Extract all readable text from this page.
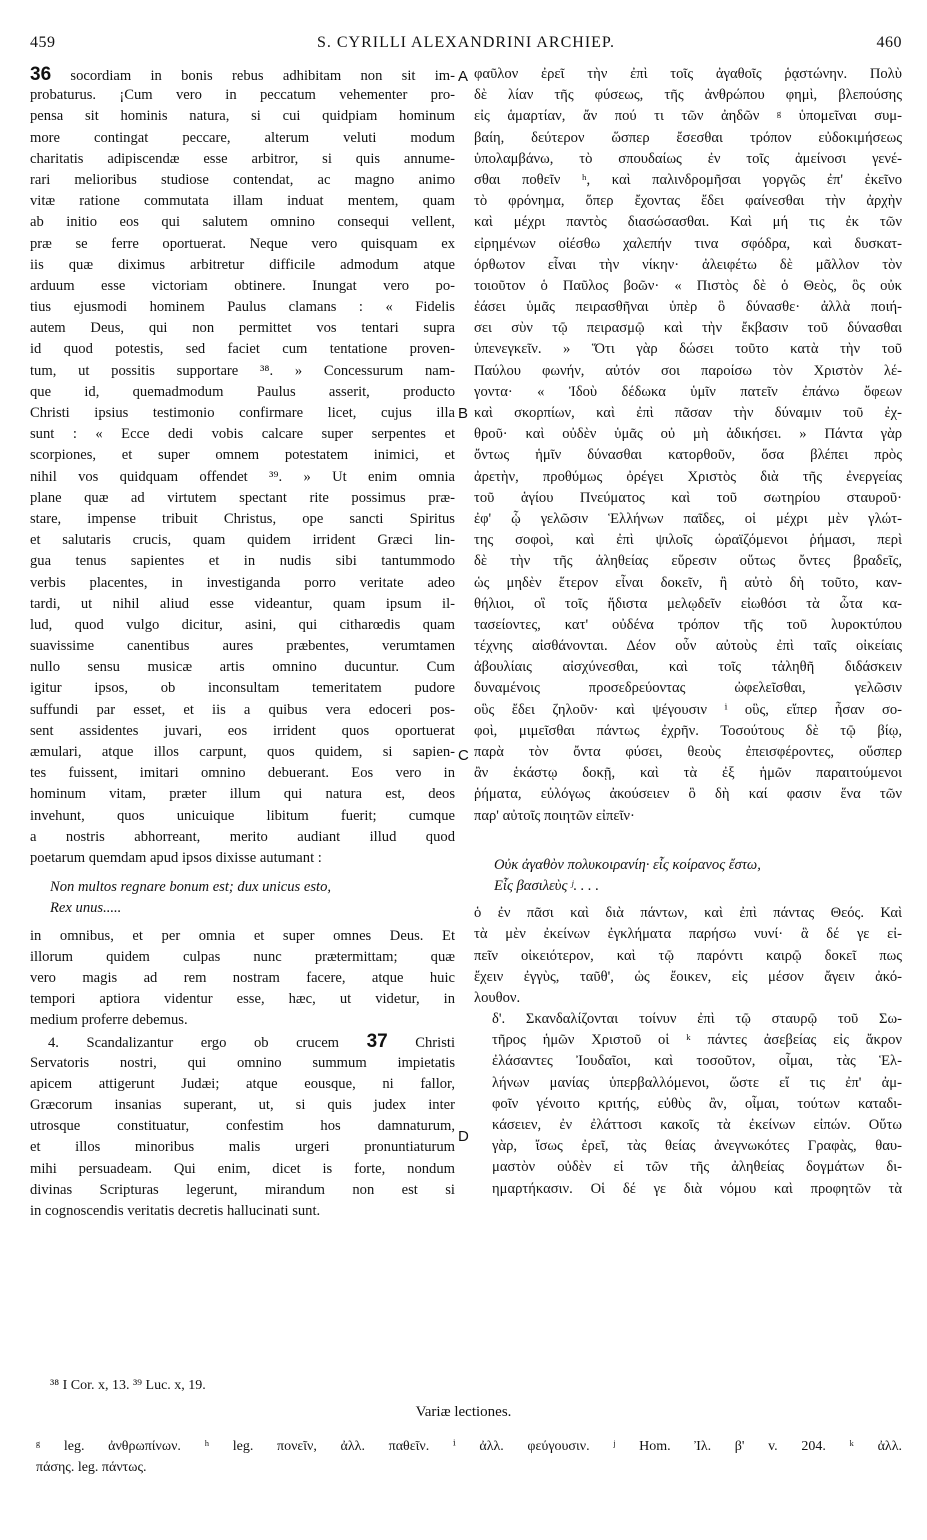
459	S. CYRILLI ALEXANDRINI ARCHIEP.	460
36 socordiam in bonis rebus adhibitam non sit im-
probaturus. ¡Cum vero in peccatum vehementer pro-
pensa sit hominis natura, si cui quidpiam hominum
more contingat peccare, alterum veluti modum
charitatis adipiscendæ esse arbitror, si quis annume-
rari melioribus studiose contendat, ac magno animo
vitæ ratione commutata illam induat mentem, quam
ab initio eos qui salutem omnino consequi vellent,
præ se ferre oportuerat. Neque vero quisquam ex
iis quæ diximus arbitretur difficile admodum atque
arduum esse victoriam obtinere. Inungat vero po-
tius ejusmodi hominem Paulus clamans : « Fidelis
autem Deus, qui non permittet vos tentari supra
id quod potestis, sed faciet cum tentatione proven-
tum, ut possitis supportare ³⁸. » Concessurum nam-
que id, quemadmodum Paulus asserit, producto
Christi ipsius testimonio confirmare licet, cujus illa
sunt : « Ecce dedi vobis calcare super serpentes et
scorpiones, et super omnem potestatem inimici, et
nihil vos quidquam offendet ³⁹. » Ut enim omnia
plane quæ ad virtutem spectant rite possimus præ-
stare, impense tribuit Christus, ope sancti Spiritus
et salutaris crucis, quam quidem irrident Græci lin-
gua tenus sapientes et in nudis sibi tantummodo
verbis placentes, in investiganda porro veritate adeo
tardi, ut nihil aliud esse videantur, quam ipsum il-
lud, quod vulgo dicitur, asini, qui citharœdis quam
suavissime canentibus aures præbentes, verumtamen
nullo sensu musicæ artis omnino ducuntur. Cum
igitur ipsos, ob inconsultam temeritatem pudore
suffundi par esset, et iis a quibus vera edoceri pos-
sent assidentes juvari, eos irrident quos oportuerat
æmulari, atque illos carpunt, quos quidem, si sapien-
tes fuissent, imitari omnino debuerant. Eos vero in
hominum vitam, præter illum qui natura est, deos
invehunt, quos unicuique libitum fuerit; cumque
a nostris abhorreant, merito audiant illud quod
poetarum quemdam apud ipsos dixisse autumant :
Non multos regnare bonum est; dux unicus esto,
Rex unus.....
in omnibus, et per omnia et super omnes Deus. Et
illorum quidem culpas nunc prætermittam; quæ
vero magis ad rem nostram facere, atque huic
tempori aptiora videntur esse, hæc, ut videtur, in
medium proferre debemus.
4. Scandalizantur ergo ob crucem 37 Christi
Servatoris nostri, qui omnino summum impietatis
apicem attigerunt Judæi; atque eousque, ni fallor,
Græcorum insanias superant, ut, si quis judex inter
utrosque constituatur, confestim hos damnaturum,
et illos minoribus malis urgeri pronuntiaturum
mihi persuadeam. Qui enim, dicet is forte, nondum
divinas Scripturas legerunt, mirandum non est si
in cognoscendis veritatis decretis hallucinati sunt.
A
B
C
D
φαῦλον ἐρεῖ τὴν ἐπὶ τοῖς ἀγαθοῖς ῥᾳστώνην. Πολὺ
δὲ λίαν τῆς φύσεως, τῆς ἀνθρώπου φημὶ, βλεπούσης
εἰς ἁμαρτίαν, ἄν πού τι τῶν ἀηδῶν ᵍ ὑπομεῖναι συμ-
βαίη, δεύτερον ὥσπερ ἔσεσθαι τρόπον εὐδοκιμήσεως
ὑπολαμβάνω, τὸ σπουδαίως ἐν τοῖς ἀμείνοσι γενέ-
σθαι ποθεῖν ʰ, καὶ παλινδρομῆσαι γοργῶς ἐπ' ἐκεῖνο
τὸ φρόνημα, ὅπερ ἔχοντας ἔδει φαίνεσθαι τὴν ἀρχὴν
καὶ μέχρι παντὸς διασώσασθαι. Καὶ μή τις ἐκ τῶν
εἰρημένων οἰέσθω χαλεπήν τινα σφόδρα, καὶ δυσκατ-
όρθωτον εἶναι τὴν νίκην· ἀλειφέτω δὲ μᾶλλον τὸν
τοιοῦτον ὁ Παῦλος βοῶν· « Πιστὸς δὲ ὁ Θεὸς, ὃς οὐκ
ἐάσει ὑμᾶς πειρασθῆναι ὑπὲρ ὃ δύνασθε· ἀλλὰ ποιή-
σει σὺν τῷ πειρασμῷ καὶ τὴν ἔκβασιν τοῦ δύνασθαι
ὑπενεγκεῖν. » Ὅτι γὰρ δώσει τοῦτο κατὰ τὴν τοῦ
Παύλου φωνήν, αὐτόν σοι παροίσω τὸν Χριστὸν λέ-
γοντα· « Ἰδοὺ δέδωκα ὑμῖν πατεῖν ἐπάνω ὄφεων
καὶ σκορπίων, καὶ ἐπὶ πᾶσαν τὴν δύναμιν τοῦ ἐχ-
θροῦ· καὶ οὐδὲν ὑμᾶς οὐ μὴ ἀδικήσει. » Πάντα γὰρ
ὄντως ἡμῖν δύνασθαι κατορθοῦν, ὅσα βλέπει πρὸς
ἀρετὴν, προθύμως ὀρέγει Χριστὸς διὰ τῆς ἐνεργείας
τοῦ ἁγίου Πνεύματος καὶ τοῦ σωτηρίου σταυροῦ·
ἐφ' ᾧ γελῶσιν Ἑλλήνων παῖδες, οἱ μέχρι μὲν γλώτ-
της σοφοὶ, καὶ ἐπὶ ψιλοῖς ὡραϊζόμενοι ῥήμασι, περὶ
δὲ τὴν τῆς ἀληθείας εὕρεσιν οὕτως ὄντες βραδεῖς,
ὡς μηδὲν ἕτερον εἶναι δοκεῖν, ἢ αὐτὸ δὴ τοῦτο, καν-
θήλιοι, οἳ τοῖς ἥδιστα μελῳδεῖν εἰωθόσι τὰ ὦτα κα-
τασείοντες, κατ' οὐδένα τρόπον τῆς τοῦ λυροκτύπου
τέχνης αἰσθάνονται. Δέον οὖν αὐτοὺς ἐπὶ ταῖς οἰκείαις
ἀβουλίαις αἰσχύνεσθαι, καὶ τοῖς τἀληθῆ διδάσκειν
δυναμένοις προσεδρεύοντας ὠφελεῖσθαι, γελῶσιν
οὓς ἔδει ζηλοῦν· καὶ ψέγουσιν ⁱ οὓς, εἴπερ ἦσαν σο-
φοὶ, μιμεῖσθαι πάντως ἐχρῆν. Τοσούτους δὲ τῷ βίῳ,
παρὰ τὸν ὄντα φύσει, θεοὺς ἐπεισφέροντες, οὕσπερ
ἂν ἑκάστῳ δοκῇ, καὶ τὰ ἐξ ἡμῶν παραιτούμενοι
ῥήματα, εὐλόγως ἀκούσειεν ὃ δὴ καί φασιν ἕνα τῶν
παρ' αὐτοῖς ποιητῶν εἰπεῖν·
Οὐκ ἀγαθὸν πολυκοιρανίη· εἷς κοίρανος ἔστω,
Εἷς βασιλεὺς ʲ. . . .
ὁ ἐν πᾶσι καὶ διὰ πάντων, καὶ ἐπὶ πάντας Θεός. Καὶ
τὰ μὲν ἐκείνων ἐγκλήματα παρήσω νυνί· ἃ δέ γε εἰ-
πεῖν οἰκειότερον, καὶ τῷ παρόντι καιρῷ δοκεῖ πως
ἔχειν ἐγγὺς, ταῦθ', ὡς ἔοικεν, εἰς μέσον ἄγειν ἀκό-
λουθον.
δ'. Σκανδαλίζονται τοίνυν ἐπὶ τῷ σταυρῷ τοῦ Σω-
τῆρος ἡμῶν Χριστοῦ οἱ ᵏ πάντες ἀσεβείας εἰς ἄκρον
ἐλάσαντες Ἰουδαῖοι, καὶ τοσοῦτον, οἶμαι, τὰς Ἑλ-
λήνων μανίας ὑπερβαλλόμενοι, ὥστε εἴ τις ἐπ' ἀμ-
φοῖν γένοιτο κριτής, εὐθὺς ἂν, οἶμαι, τούτων καταδι-
κάσειεν, ἐν ἐλάττοσι κακοῖς τὰ ἐκείνων εἰπών. Οὕτω
γὰρ, ἴσως ἐρεῖ, τὰς θείας ἀνεγνωκότες Γραφὰς, θαυ-
μαστὸν οὐδὲν εἰ τῶν τῆς ἀληθείας δογμάτων δι-
ημαρτήκασιν. Οἱ δέ γε διὰ νόμου καὶ προφητῶν τὰ
³⁸ I Cor. x, 13. ³⁹ Luc. x, 19.
Variæ lectiones.
ᵍ leg. ἀνθρωπίνων. ʰ leg. πονεῖν, ἀλλ. παθεῖν. ⁱ ἀλλ. φεύγουσιν. ʲ Hom. Ἰλ. β' v. 204. ᵏ ἀλλ.
πάσης. leg. πάντως.
